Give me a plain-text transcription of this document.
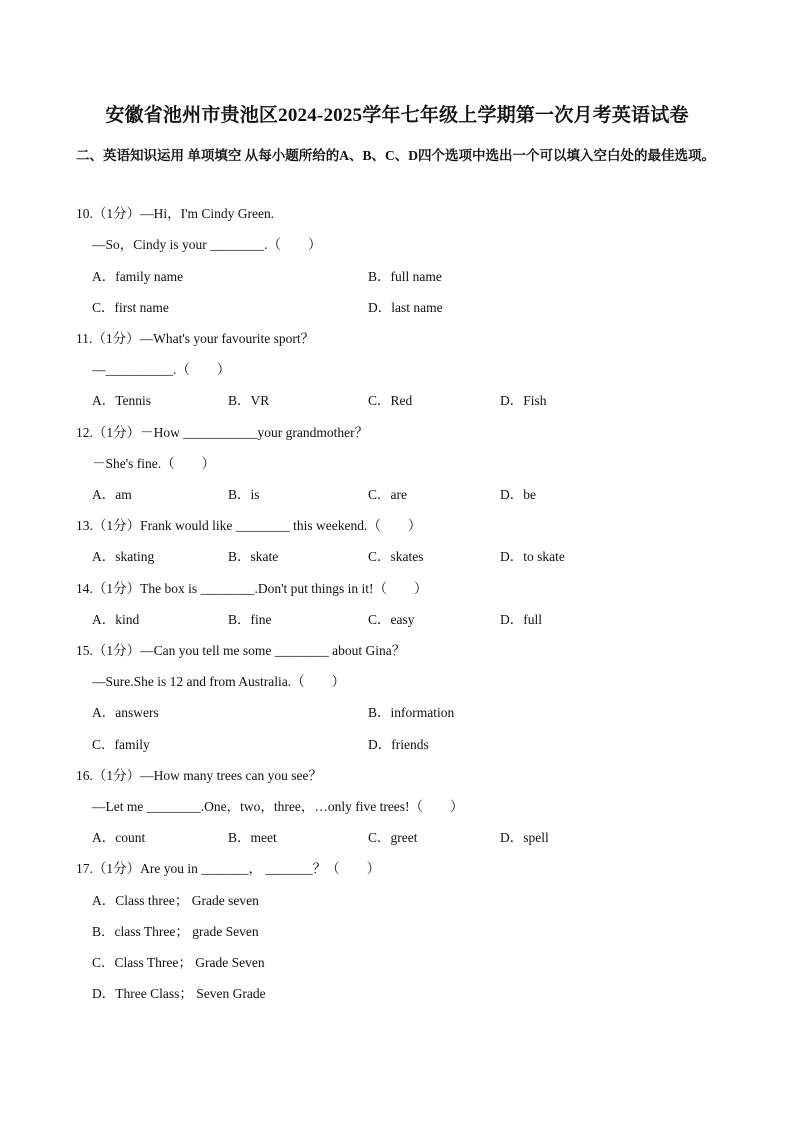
安徽省池州市贵池区2024-2025学年七年级上学期第一次月考英语试卷
二、英语知识运用 单项填空 从每小题所给的A、B、C、D四个选项中选出一个可以填入空白处的最佳选项。
10.（1分）—Hi，I'm Cindy Green.
—So，Cindy is your ________.（　　）
A．family name	B．full name
C．first name	D．last name
11.（1分）—What's your favourite sport？
—__________.（　　）
A．Tennis	B．VR	C．Red	D．Fish
12.（1分）－How ___________your grandmother？
－She's fine.（　　）
A．am	B．is	C．are	D．be
13.（1分）Frank would like ________ this weekend.（　　）
A．skating	B．skate	C．skates	D．to skate
14.（1分）The box is ________.Don't put things in it!（　　）
A．kind	B．fine	C．easy	D．full
15.（1分）—Can you tell me some ________ about Gina？
—Sure.She is 12 and from Australia.（　　）
A．answers	B．information
C．family	D．friends
16.（1分）—How many trees can you see？
—Let me ________.One，two，three，…only five trees!（　　）
A．count	B．meet	C．greet	D．spell
17.（1分）Are you in _______， _______？（　　）
A．Class three； Grade seven
B．class Three； grade Seven
C．Class Three； Grade Seven
D．Three Class； Seven Grade
